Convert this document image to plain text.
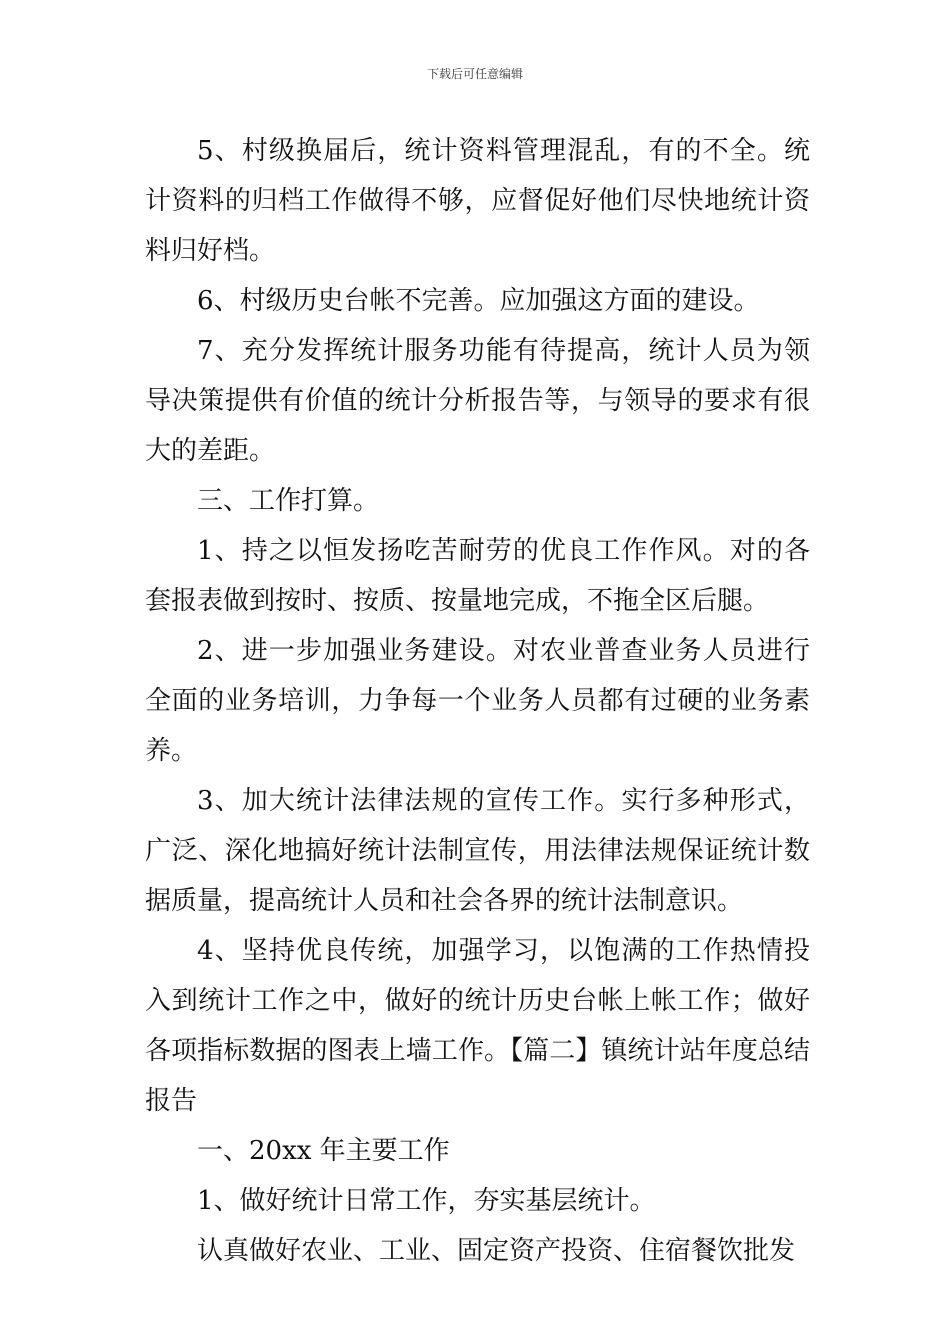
下载后可任意编辑

5、村级换届后，统计资料管理混乱，有的不全。统计资料的归档工作做得不够，应督促好他们尽快地统计资料归好档。

6、村级历史台帐不完善。应加强这方面的建设。

7、充分发挥统计服务功能有待提高，统计人员为领导决策提供有价值的统计分析报告等，与领导的要求有很大的差距。

三、工作打算。

1、持之以恒发扬吃苦耐劳的优良工作作风。对的各套报表做到按时、按质、按量地完成，不拖全区后腿。

2、进一步加强业务建设。对农业普查业务人员进行全面的业务培训，力争每一个业务人员都有过硬的业务素养。

3、加大统计法律法规的宣传工作。实行多种形式，广泛、深化地搞好统计法制宣传，用法律法规保证统计数据质量，提高统计人员和社会各界的统计法制意识。

4、坚持优良传统，加强学习，以饱满的工作热情投入到统计工作之中，做好的统计历史台帐上帐工作；做好各项指标数据的图表上墙工作。【篇二】镇统计站年度总结报告

一、20xx 年主要工作

1、做好统计日常工作，夯实基层统计。

认真做好农业、工业、固定资产投资、住宿餐饮批发
